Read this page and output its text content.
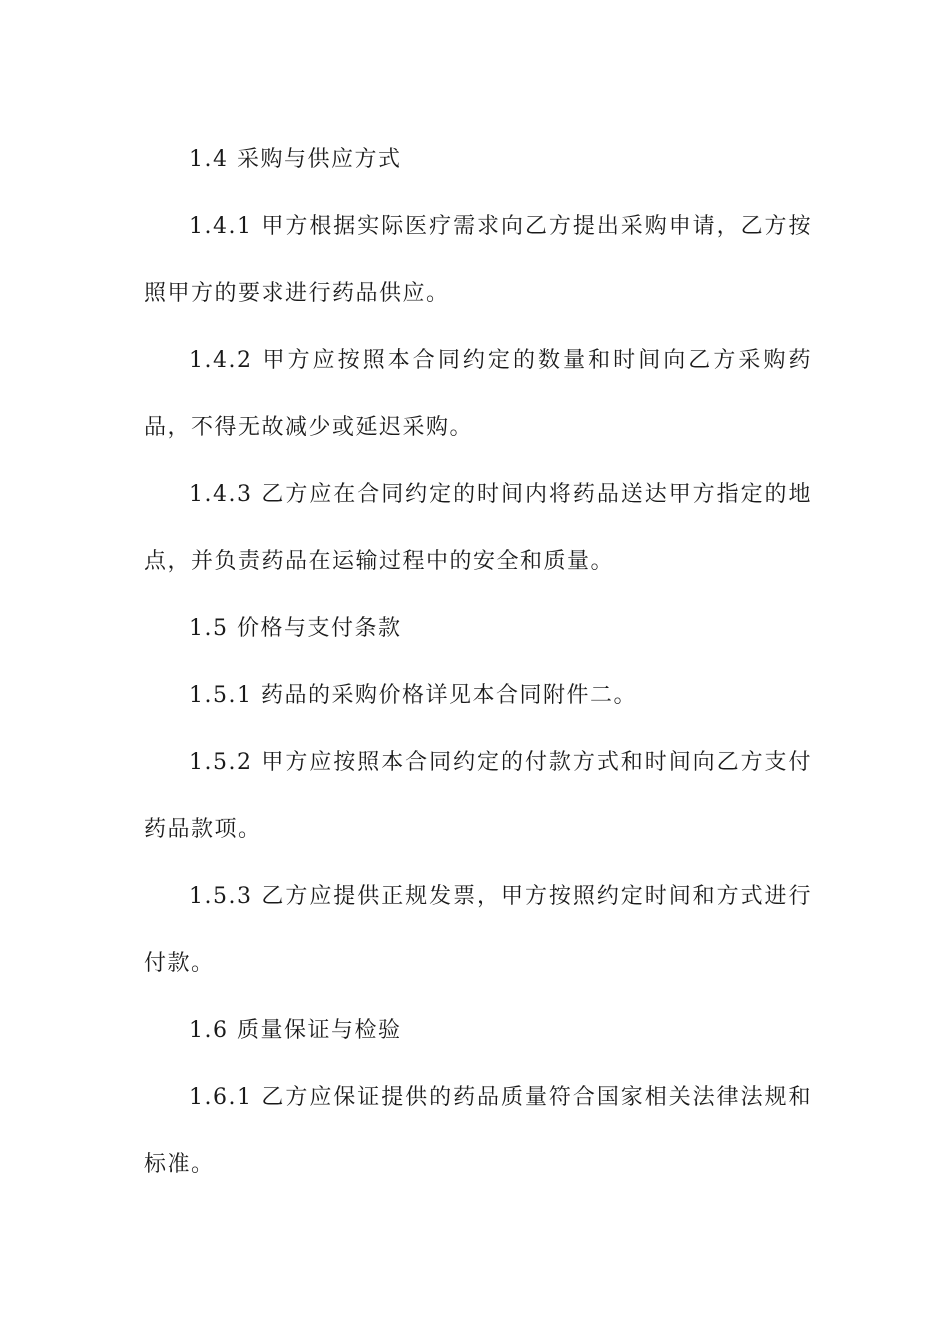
1.4 采购与供应方式

1.4.1 甲方根据实际医疗需求向乙方提出采购申请，乙方按照甲方的要求进行药品供应。

1.4.2 甲方应按照本合同约定的数量和时间向乙方采购药品，不得无故减少或延迟采购。

1.4.3 乙方应在合同约定的时间内将药品送达甲方指定的地点，并负责药品在运输过程中的安全和质量。

1.5 价格与支付条款

1.5.1 药品的采购价格详见本合同附件二。

1.5.2 甲方应按照本合同约定的付款方式和时间向乙方支付药品款项。

1.5.3 乙方应提供正规发票，甲方按照约定时间和方式进行付款。

1.6 质量保证与检验

1.6.1 乙方应保证提供的药品质量符合国家相关法律法规和标准。
